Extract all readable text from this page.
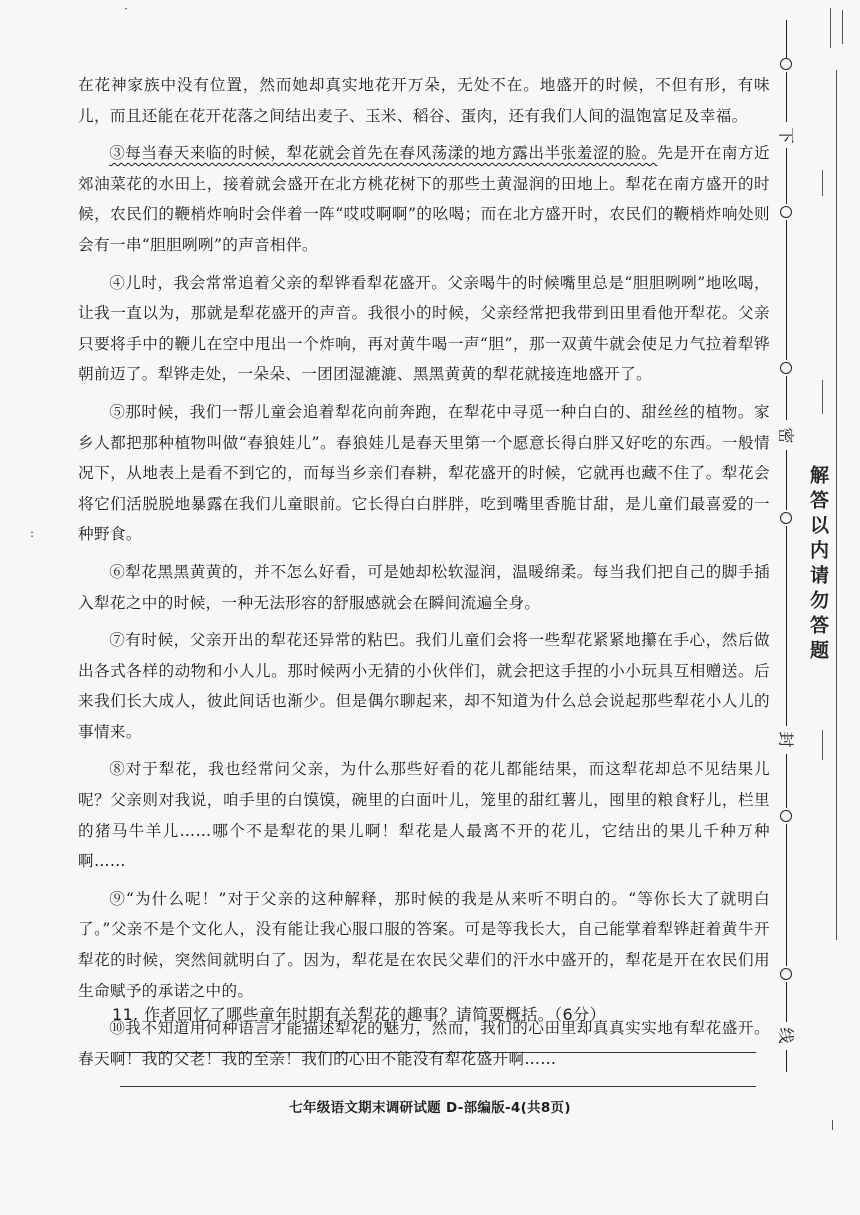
在花神家族中没有位置，然而她却真实地花开万朵，无处不在。地盛开的时候，不但有形，有味儿，而且还能在花开花落之间结出麦子、玉米、稻谷、蛋肉，还有我们人间的温饱富足及幸福。

③每当春天来临的时候，犁花就会首先在春风荡漾的地方露出半张羞涩的脸。先是开在南方近郊油菜花的水田上，接着就会盛开在北方桃花树下的那些土黄湿润的田地上。犁花在南方盛开的时候，农民们的鞭梢炸响时会伴着一阵“哎哎啊啊”的吆喝；而在北方盛开时，农民们的鞭梢炸响处则会有一串“胆胆咧咧”的声音相伴。

④儿时，我会常常追着父亲的犁铧看犁花盛开。父亲喝牛的时候嘴里总是“胆胆咧咧”地吆喝，让我一直以为，那就是犁花盛开的声音。我很小的时候，父亲经常把我带到田里看他开犁花。父亲只要将手中的鞭儿在空中甩出一个炸响，再对黄牛喝一声“胆”，那一双黄牛就会使足力气拉着犁铧朝前迈了。犁铧走处，一朵朵、一团团湿漉漉、黑黑黄黄的犁花就接连地盛开了。

⑤那时候，我们一帮儿童会追着犁花向前奔跑，在犁花中寻觅一种白白的、甜丝丝的植物。家乡人都把那种植物叫做“春狼娃儿”。春狼娃儿是春天里第一个愿意长得白胖又好吃的东西。一般情况下，从地表上是看不到它的，而每当乡亲们春耕，犁花盛开的时候，它就再也藏不住了。犁花会将它们活脱脱地暴露在我们儿童眼前。它长得白白胖胖，吃到嘴里香脆甘甜，是儿童们最喜爱的一种野食。

⑥犁花黑黑黄黄的，并不怎么好看，可是她却松软湿润，温暖绵柔。每当我们把自己的脚手插入犁花之中的时候，一种无法形容的舒服感就会在瞬间流遍全身。

⑦有时候，父亲开出的犁花还异常的粘巴。我们儿童们会将一些犁花紧紧地攥在手心，然后做出各式各样的动物和小人儿。那时候两小无猜的小伙伴们，就会把这手捏的小小玩具互相赠送。后来我们长大成人，彼此间话也渐少。但是偶尔聊起来，却不知道为什么总会说起那些犁花小人儿的事情来。

⑧对于犁花，我也经常问父亲，为什么那些好看的花儿都能结果，而这犁花却总不见结果儿呢？父亲则对我说，咱手里的白馍馍，碗里的白面叶儿，笼里的甜红薯儿，囤里的粮食籽儿，栏里的猪马牛羊儿……哪个不是犁花的果儿啊！犁花是人最离不开的花儿，它结出的果儿千种万种啊……

⑨“为什么呢！”对于父亲的这种解释，那时候的我是从来听不明白的。“等你长大了就明白了。”父亲不是个文化人，没有能让我心服口服的答案。可是等我长大，自己能掌着犁铧赶着黄牛开犁花的时候，突然间就明白了。因为，犁花是在农民父辈们的汗水中盛开的，犁花是开在农民们用生命赋予的承诺之中的。

⑩我不知道用何种语言才能描述犁花的魅力，然而，我们的心田里却真真实实地有犁花盛开。春天啊！我的父老！我的至亲！我们的心田不能没有犁花盛开啊……

11. 作者回忆了哪些童年时期有关犁花的趣事？请简要概括。（6分）
七年级语文期末调研试题 D-部编版-4(共8页)
下
密
封
线
解答以内请勿答题
:
·
